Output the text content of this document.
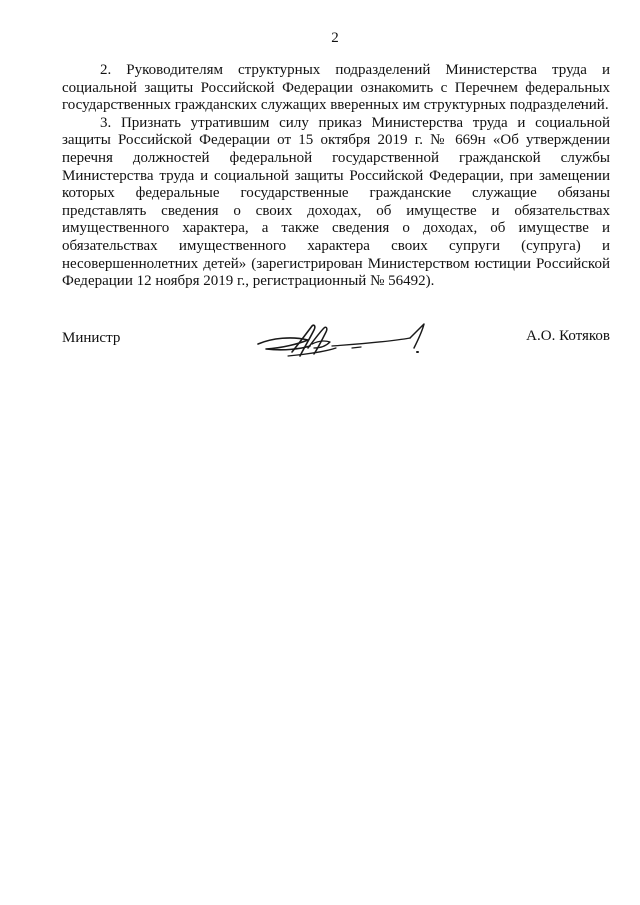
2

2. Руководителям структурных подразделений Министерства труда и социальной защиты Российской Федерации ознакомить с Перечнем федеральных государственных гражданских служащих вверенных им структурных подразделений.

3. Признать утратившим силу приказ Министерства труда и социальной защиты Российской Федерации от 15 октября 2019 г. № 669н «Об утверждении перечня должностей федеральной государственной гражданской службы Министерства труда и социальной защиты Российской Федерации, при замещении которых федеральные государственные гражданские служащие обязаны представлять сведения о своих доходах, об имуществе и обязательствах имущественного характера, а также сведения о доходах, об имуществе и обязательствах имущественного характера своих супруги (супруга) и несовершеннолетних детей» (зарегистрирован Министерством юстиции Российской Федерации 12 ноября 2019 г., регистрационный № 56492).

Министр	А.О. Котяков
